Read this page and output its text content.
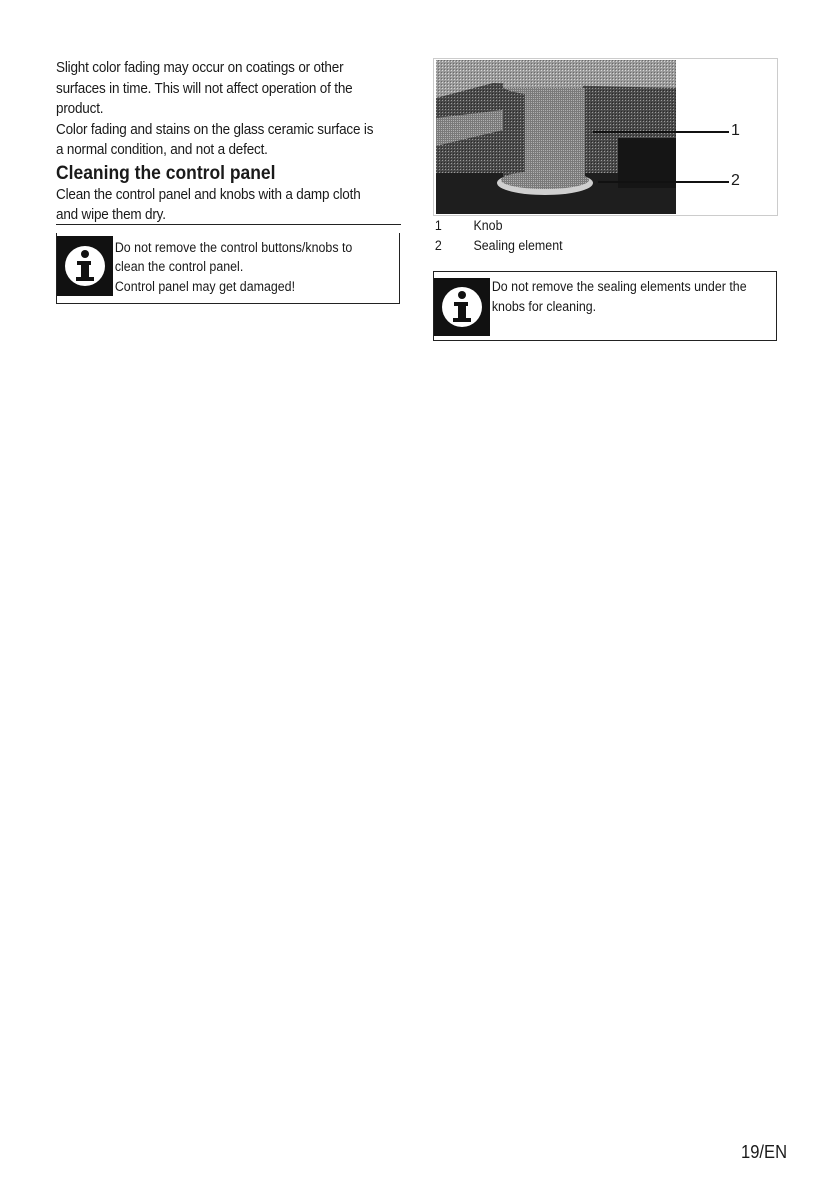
Slight color fading may occur on coatings or other
surfaces in time. This will not affect operation of the
product.
Color fading and stains on the glass ceramic surface is
a normal condition, and not a defect.
Cleaning the control panel
Clean the control panel and knobs with a damp cloth
and wipe them dry.
Do not remove the control buttons/knobs to
clean the control panel.
Control panel may get damaged!
1
2
1	Knob
2	Sealing element
Do not remove the sealing elements under the
knobs for cleaning.
19/EN
